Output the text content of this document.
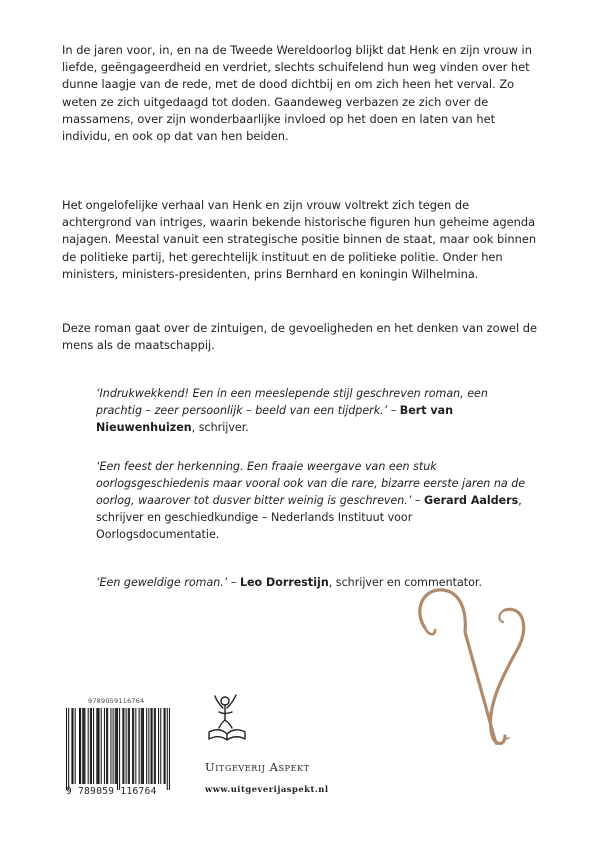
In de jaren voor, in, en na de Tweede Wereldoorlog blijkt dat Henk en zijn vrouw in liefde, geëngageerdheid en verdriet, slechts schuifelend hun weg vinden over het dunne laagje van de rede, met de dood dichtbij en om zich heen het verval. Zo weten ze zich uitgedaagd tot doden. Gaandeweg verbazen ze zich over de massamens, over zijn wonderbaarlijke invloed op het doen en laten van het individu, en ook op dat van hen beiden.

Het ongelofelijke verhaal van Henk en zijn vrouw voltrekt zich tegen de achtergrond van intriges, waarin bekende historische figuren hun geheime agenda najagen. Meestal vanuit een strategische positie binnen de staat, maar ook binnen de politieke partij, het gerechtelijk instituut en de politieke politie. Onder hen ministers, ministers-presidenten, prins Bernhard en koningin Wilhelmina.

Deze roman gaat over de zintuigen, de gevoeligheden en het denken van zowel de mens als de maatschappij.

‘Indrukwekkend! Een in een meeslepende stijl geschreven roman, een prachtig – zeer persoonlijk – beeld van een tijdperk.’ – Bert van Nieuwenhuizen, schrijver.

‘Een feest der herkenning. Een fraaie weergave van een stuk oorlogsgeschiedenis maar vooral ook van die rare, bizarre eerste jaren na de oorlog, waarover tot dusver bitter weinig is geschreven.’ – Gerard Aalders, schrijver en geschiedkundige – Nederlands Instituut voor Oorlogsdocumentatie.

‘Een geweldige roman.’ – Leo Dorrestijn, schrijver en commentator.

9789059116764
9 789059 116764
Uitgeverij Aspekt
www.uitgeverijaspekt.nl
